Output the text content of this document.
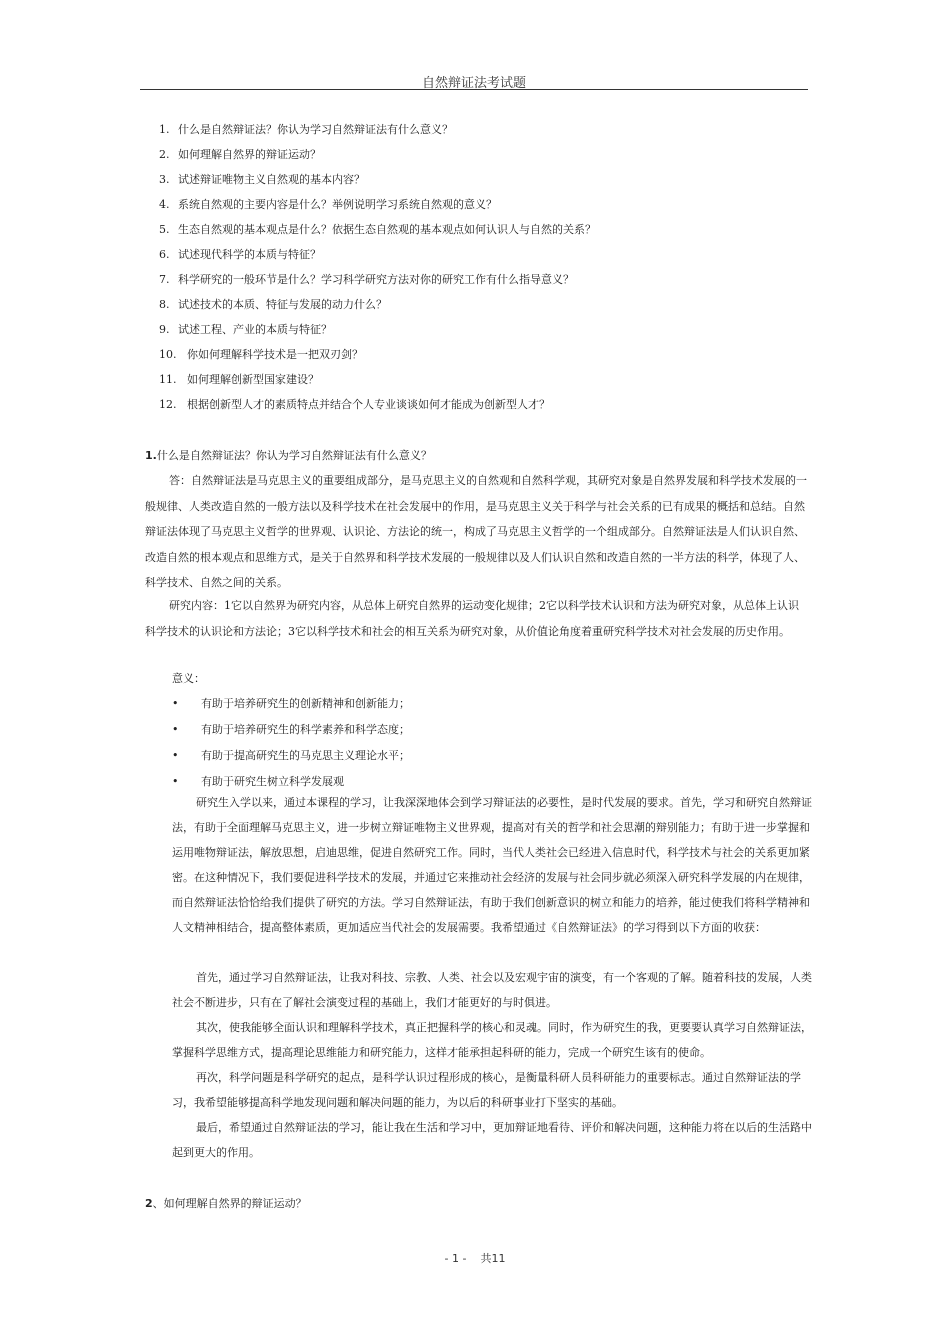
自然辩证法考试题
1. 什么是自然辩证法？你认为学习自然辩证法有什么意义？
2. 如何理解自然界的辩证运动？
3. 试述辩证唯物主义自然观的基本内容？
4. 系统自然观的主要内容是什么？举例说明学习系统自然观的意义？
5. 生态自然观的基本观点是什么？依据生态自然观的基本观点如何认识人与自然的关系？
6. 试述现代科学的本质与特征？
7. 科学研究的一般环节是什么？学习科学研究方法对你的研究工作有什么指导意义？
8. 试述技术的本质、特征与发展的动力什么？
9. 试述工程、产业的本质与特征？
10. 你如何理解科学技术是一把双刃剑？
11. 如何理解创新型国家建设？
12. 根据创新型人才的素质特点并结合个人专业谈谈如何才能成为创新型人才？
1.什么是自然辩证法？你认为学习自然辩证法有什么意义？

答：自然辩证法是马克思主义的重要组成部分，是马克思主义的自然观和自然科学观，其研究对象是自然界发展和科学技术发展的一般规律、人类改造自然的一般方法以及科学技术在社会发展中的作用，是马克思主义关于科学与社会关系的已有成果的概括和总结。自然辩证法体现了马克思主义哲学的世界观、认识论、方法论的统一，构成了马克思主义哲学的一个组成部分。自然辩证法是人们认识自然、改造自然的根本观点和思维方式，是关于自然界和科学技术发展的一般规律以及人们认识自然和改造自然的一半方法的科学，体现了人、科学技术、自然之间的关系。

研究内容：1它以自然界为研究内容，从总体上研究自然界的运动变化规律；2它以科学技术认识和方法为研究对象，从总体上认识科学技术的认识论和方法论；3它以科学技术和社会的相互关系为研究对象，从价值论角度着重研究科学技术对社会发展的历史作用。

意义：
• 有助于培养研究生的创新精神和创新能力；
• 有助于培养研究生的科学素养和科学态度；
• 有助于提高研究生的马克思主义理论水平；
• 有助于研究生树立科学发展观

研究生入学以来，通过本课程的学习，让我深深地体会到学习辩证法的必要性，是时代发展的要求。首先，学习和研究自然辩证法，有助于全面理解马克思主义，进一步树立辩证唯物主义世界观，提高对有关的哲学和社会思潮的辩别能力；有助于进一步掌握和运用唯物辩证法，解放思想，启迪思维，促进自然研究工作。同时，当代人类社会已经进入信息时代，科学技术与社会的关系更加紧密。在这种情况下，我们要促进科学技术的发展，并通过它来推动社会经济的发展与社会同步就必须深入研究科学发展的内在规律，而自然辩证法恰恰给我们提供了研究的方法。学习自然辩证法，有助于我们创新意识的树立和能力的培养，能过使我们将科学精神和人文精神相结合，提高整体素质，更加适应当代社会的发展需要。我希望通过《自然辩证法》的学习得到以下方面的收获：

首先，通过学习自然辩证法，让我对科技、宗教、人类、社会以及宏观宇宙的演变，有一个客观的了解。随着科技的发展，人类社会不断进步，只有在了解社会演变过程的基础上，我们才能更好的与时俱进。

其次，使我能够全面认识和理解科学技术，真正把握科学的核心和灵魂。同时，作为研究生的我，更要要认真学习自然辩证法，掌握科学思维方式，提高理论思维能力和研究能力，这样才能承担起科研的能力，完成一个研究生该有的使命。

再次，科学问题是科学研究的起点，是科学认识过程形成的核心，是衡量科研人员科研能力的重要标志。通过自然辩证法的学习，我希望能够提高科学地发现问题和解决问题的能力，为以后的科研事业打下坚实的基础。

最后，希望通过自然辩证法的学习，能让我在生活和学习中，更加辩证地看待、评价和解决问题，这种能力将在以后的生活路中起到更大的作用。

2、如何理解自然界的辩证运动？
- 1 - 共11
